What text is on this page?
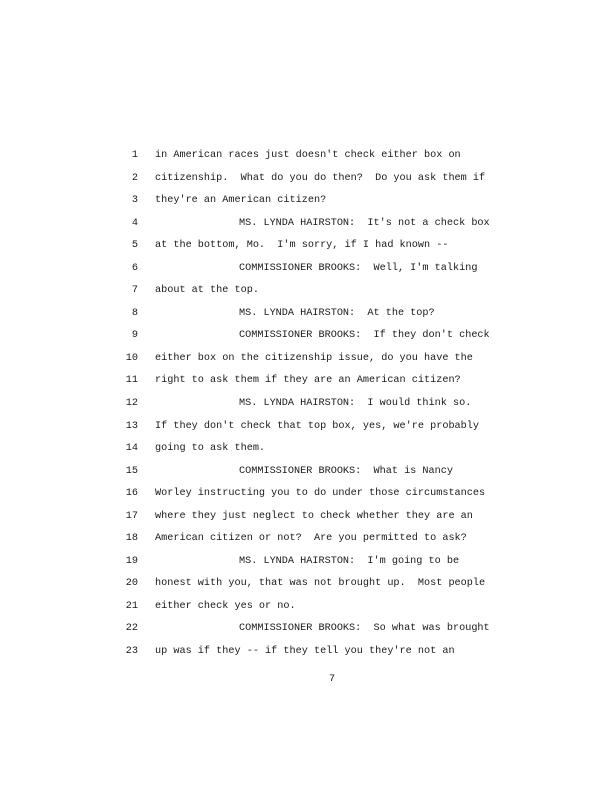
1 in American races just doesn't check either box on
2 citizenship.  What do you do then?  Do you ask them if
3 they're an American citizen?
4	MS. LYNDA HAIRSTON:  It's not a check box
5 at the bottom, Mo.  I'm sorry, if I had known --
6	COMMISSIONER BROOKS:  Well, I'm talking
7 about at the top.
8	MS. LYNDA HAIRSTON:  At the top?
9	COMMISSIONER BROOKS:  If they don't check
10 either box on the citizenship issue, do you have the
11 right to ask them if they are an American citizen?
12	MS. LYNDA HAIRSTON:  I would think so.
13 If they don't check that top box, yes, we're probably
14 going to ask them.
15	COMMISSIONER BROOKS:  What is Nancy
16 Worley instructing you to do under those circumstances
17 where they just neglect to check whether they are an
18 American citizen or not?  Are you permitted to ask?
19	MS. LYNDA HAIRSTON:  I'm going to be
20 honest with you, that was not brought up.  Most people
21 either check yes or no.
22	COMMISSIONER BROOKS:  So what was brought
23 up was if they -- if they tell you they're not an
7
